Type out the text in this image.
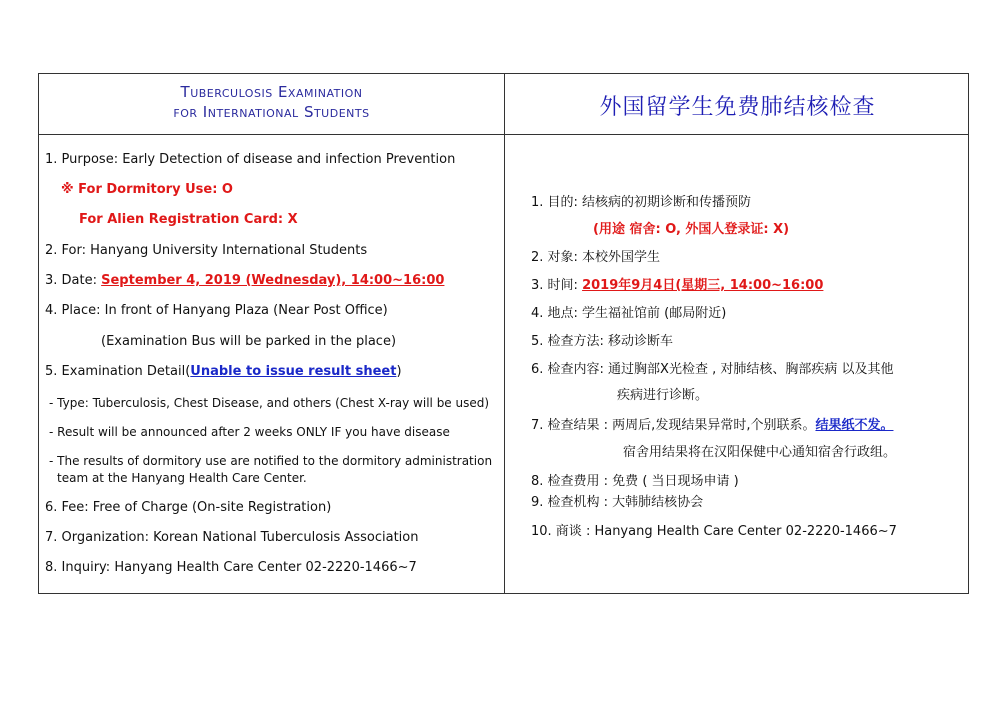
Tuberculosis Examination
for International Students	外国留学生免费肺结核检查
1. Purpose: Early Detection of disease and infection Prevention
※ For Dormitory Use: O
For Alien Registration Card: X
2. For: Hanyang University International Students
3. Date: September 4, 2019 (Wednesday), 14:00~16:00
4. Place: In front of Hanyang Plaza (Near Post Office)
(Examination Bus will be parked in the place)
5. Examination Detail(Unable to issue result sheet)
- Type: Tuberculosis, Chest Disease, and others (Chest X-ray will be used)
- Result will be announced after 2 weeks ONLY IF you have disease
- The results of dormitory use are notified to the dormitory administration
team at the Hanyang Health Care Center.
6. Fee: Free of Charge (On-site Registration)
7. Organization: Korean National Tuberculosis Association
8. Inquiry: Hanyang Health Care Center 02-2220-1466~7
1. 目的: 结核病的初期诊断和传播预防
(用途 宿舍: O, 外国人登录证: X)
2. 对象: 本校外国学生
3. 时间: 2019年9月4日(星期三, 14:00~16:00
4. 地点: 学生福祉馆前 (邮局附近)
5. 检查方法: 移动诊断车
6. 检查内容: 通过胸部X光检查 , 对肺结核、胸部疾病 以及其他
疾病进行诊断。
7. 检查结果 : 两周后,发现结果异常时,个别联系。结果纸不发。
宿舍用结果将在汉阳保健中心通知宿舍行政组。
8. 检查费用 : 免费 ( 当日现场申请 )
9. 检查机构 : 大韩肺结核协会
10. 商谈 : Hanyang Health Care Center 02-2220-1466~7
